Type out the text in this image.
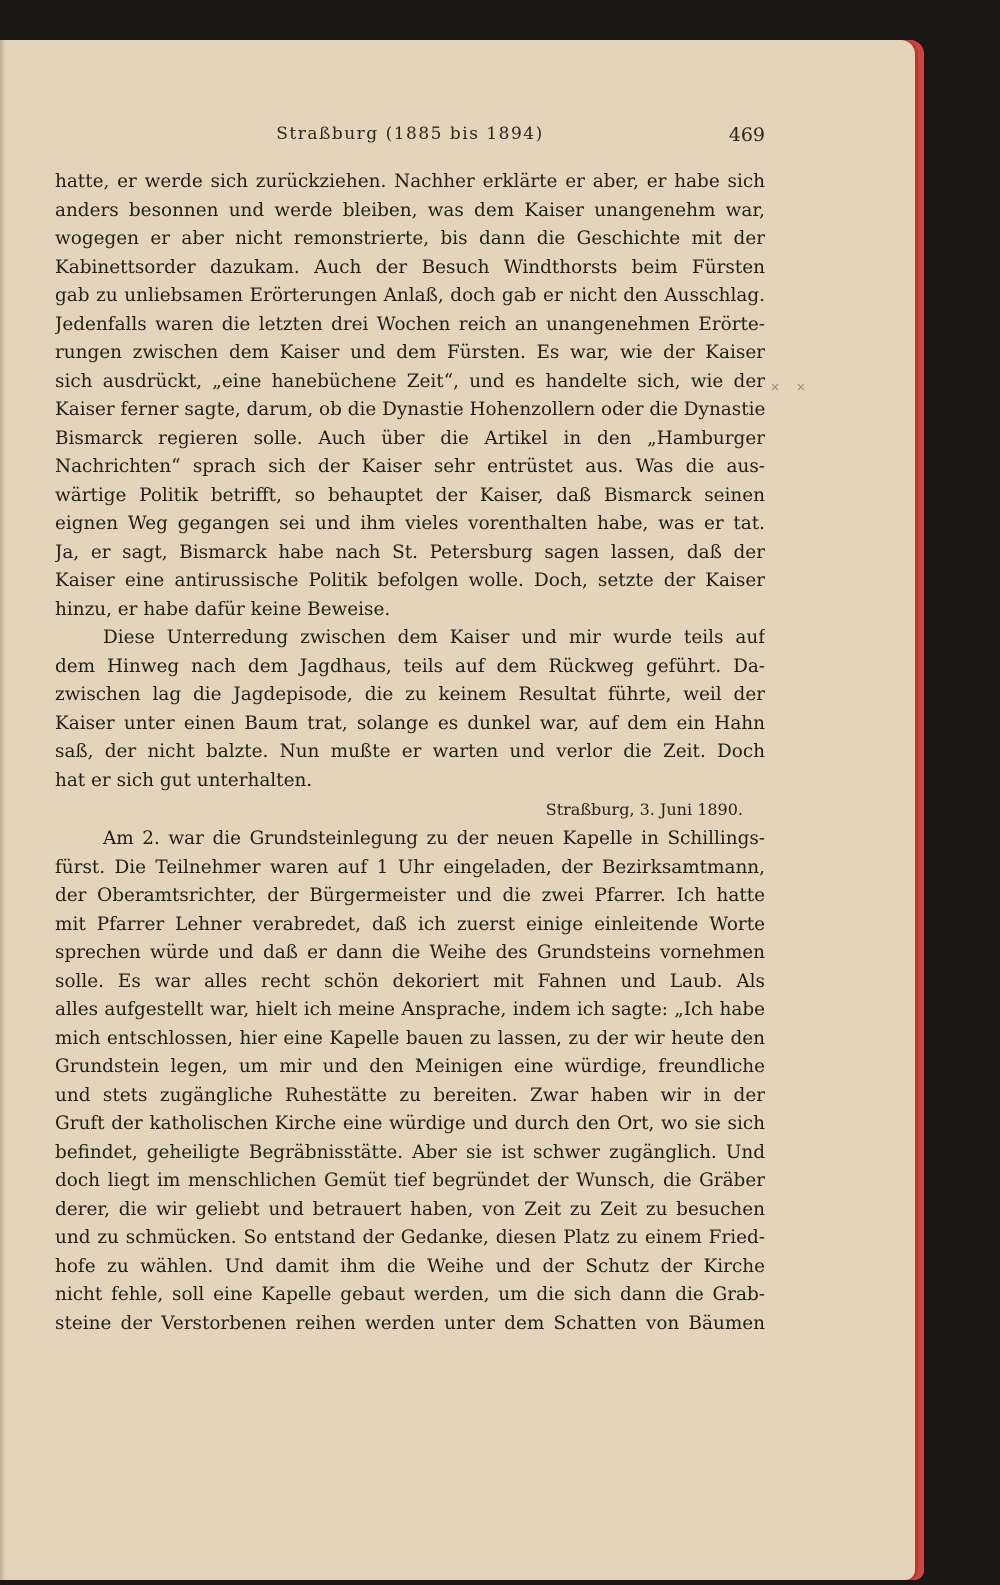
Straßburg (1885 bis 1894)	469
× ×
hatte, er werde sich zurückziehen. Nachher erklärte er aber, er habe sich
anders besonnen und werde bleiben, was dem Kaiser unangenehm war,
wogegen er aber nicht remonstrierte, bis dann die Geschichte mit der
Kabinettsorder dazukam. Auch der Besuch Windthorsts beim Fürsten
gab zu unliebsamen Erörterungen Anlaß, doch gab er nicht den Ausschlag.
Jedenfalls waren die letzten drei Wochen reich an unangenehmen Erörte-
rungen zwischen dem Kaiser und dem Fürsten. Es war, wie der Kaiser
sich ausdrückt, „eine hanebüchene Zeit“, und es handelte sich, wie der
Kaiser ferner sagte, darum, ob die Dynastie Hohenzollern oder die Dynastie
Bismarck regieren solle. Auch über die Artikel in den „Hamburger
Nachrichten“ sprach sich der Kaiser sehr entrüstet aus. Was die aus-
wärtige Politik betrifft, so behauptet der Kaiser, daß Bismarck seinen
eignen Weg gegangen sei und ihm vieles vorenthalten habe, was er tat.
Ja, er sagt, Bismarck habe nach St. Petersburg sagen lassen, daß der
Kaiser eine antirussische Politik befolgen wolle. Doch, setzte der Kaiser
hinzu, er habe dafür keine Beweise.
Diese Unterredung zwischen dem Kaiser und mir wurde teils auf
dem Hinweg nach dem Jagdhaus, teils auf dem Rückweg geführt. Da-
zwischen lag die Jagdepisode, die zu keinem Resultat führte, weil der
Kaiser unter einen Baum trat, solange es dunkel war, auf dem ein Hahn
saß, der nicht balzte. Nun mußte er warten und verlor die Zeit. Doch
hat er sich gut unterhalten.
Straßburg, 3. Juni 1890.
Am 2. war die Grundsteinlegung zu der neuen Kapelle in Schillings-
fürst. Die Teilnehmer waren auf 1 Uhr eingeladen, der Bezirksamtmann,
der Oberamtsrichter, der Bürgermeister und die zwei Pfarrer. Ich hatte
mit Pfarrer Lehner verabredet, daß ich zuerst einige einleitende Worte
sprechen würde und daß er dann die Weihe des Grundsteins vornehmen
solle. Es war alles recht schön dekoriert mit Fahnen und Laub. Als
alles aufgestellt war, hielt ich meine Ansprache, indem ich sagte: „Ich habe
mich entschlossen, hier eine Kapelle bauen zu lassen, zu der wir heute den
Grundstein legen, um mir und den Meinigen eine würdige, freundliche
und stets zugängliche Ruhestätte zu bereiten. Zwar haben wir in der
Gruft der katholischen Kirche eine würdige und durch den Ort, wo sie sich
befindet, geheiligte Begräbnisstätte. Aber sie ist schwer zugänglich. Und
doch liegt im menschlichen Gemüt tief begründet der Wunsch, die Gräber
derer, die wir geliebt und betrauert haben, von Zeit zu Zeit zu besuchen
und zu schmücken. So entstand der Gedanke, diesen Platz zu einem Fried-
hofe zu wählen. Und damit ihm die Weihe und der Schutz der Kirche
nicht fehle, soll eine Kapelle gebaut werden, um die sich dann die Grab-
steine der Verstorbenen reihen werden unter dem Schatten von Bäumen
